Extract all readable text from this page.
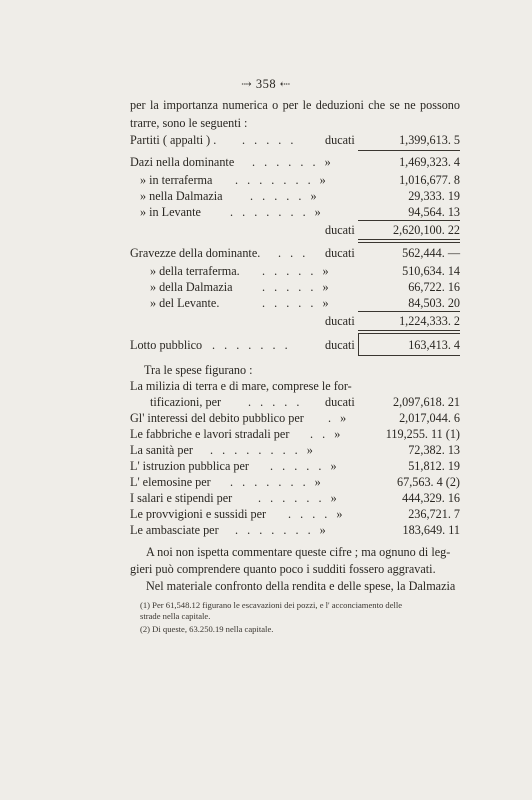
⇢ 358 ⇠
per la importanza numerica o per le deduzioni che se ne possono trarre, sono le seguenti :
Partiti ( appalti ) . . . . . . ducati	1,399,613. 5
Dazi nella dominante . . . . . . »	1,469,323. 4
» in terraferma . . . . . . . »	1,016,677. 8
» nella Dalmazia . . . . . »	29,333. 19
» in Levante . . . . . . . »	94,564. 13
ducati	2,620,100. 22
Gravezze della dominante. . . . ducati	562,444. —
» della terraferma. . . . . . »	510,634. 14
» della Dalmazia . . . . . »	66,722. 16
» del Levante.	. . . . . »	84,503. 20
ducati	1,224,333. 2
Lotto pubblico . . . . . . .	ducati	163,413. 4
Tra le spese figurano :
La milizia di terra e di mare, comprese le for-
tificazioni, per . . . . . ducati	2,097,618. 21
Gl' interessi del debito pubblico per . »	2,017,044. 6
Le fabbriche e lavori stradali per . . »	119,255. 11 (1)
La sanità per . . . . . . . . »	72,382. 13
L' istruzion pubblica per . . . . . »	51,812. 19
L' elemosine per . . . . . . . »	67,563. 4 (2)
I salari e stipendi per . . . . . . »	444,329. 16
Le provvigioni e sussidi per . . . . »	236,721. 7
Le ambasciate per . . . . . . . »	183,649. 11
A noi non ispetta commentare queste cifre ; ma ognuno di leg-
gieri può comprendere quanto poco i sudditi fossero aggravati.
Nel materiale confronto della rendita e delle spese, la Dalmazia
(1) Per 61,548.12 figurano le escavazioni dei pozzi, e l' acconciamento delle
strade nella capitale.
(2) Di queste, 63.250.19 nella capitale.
